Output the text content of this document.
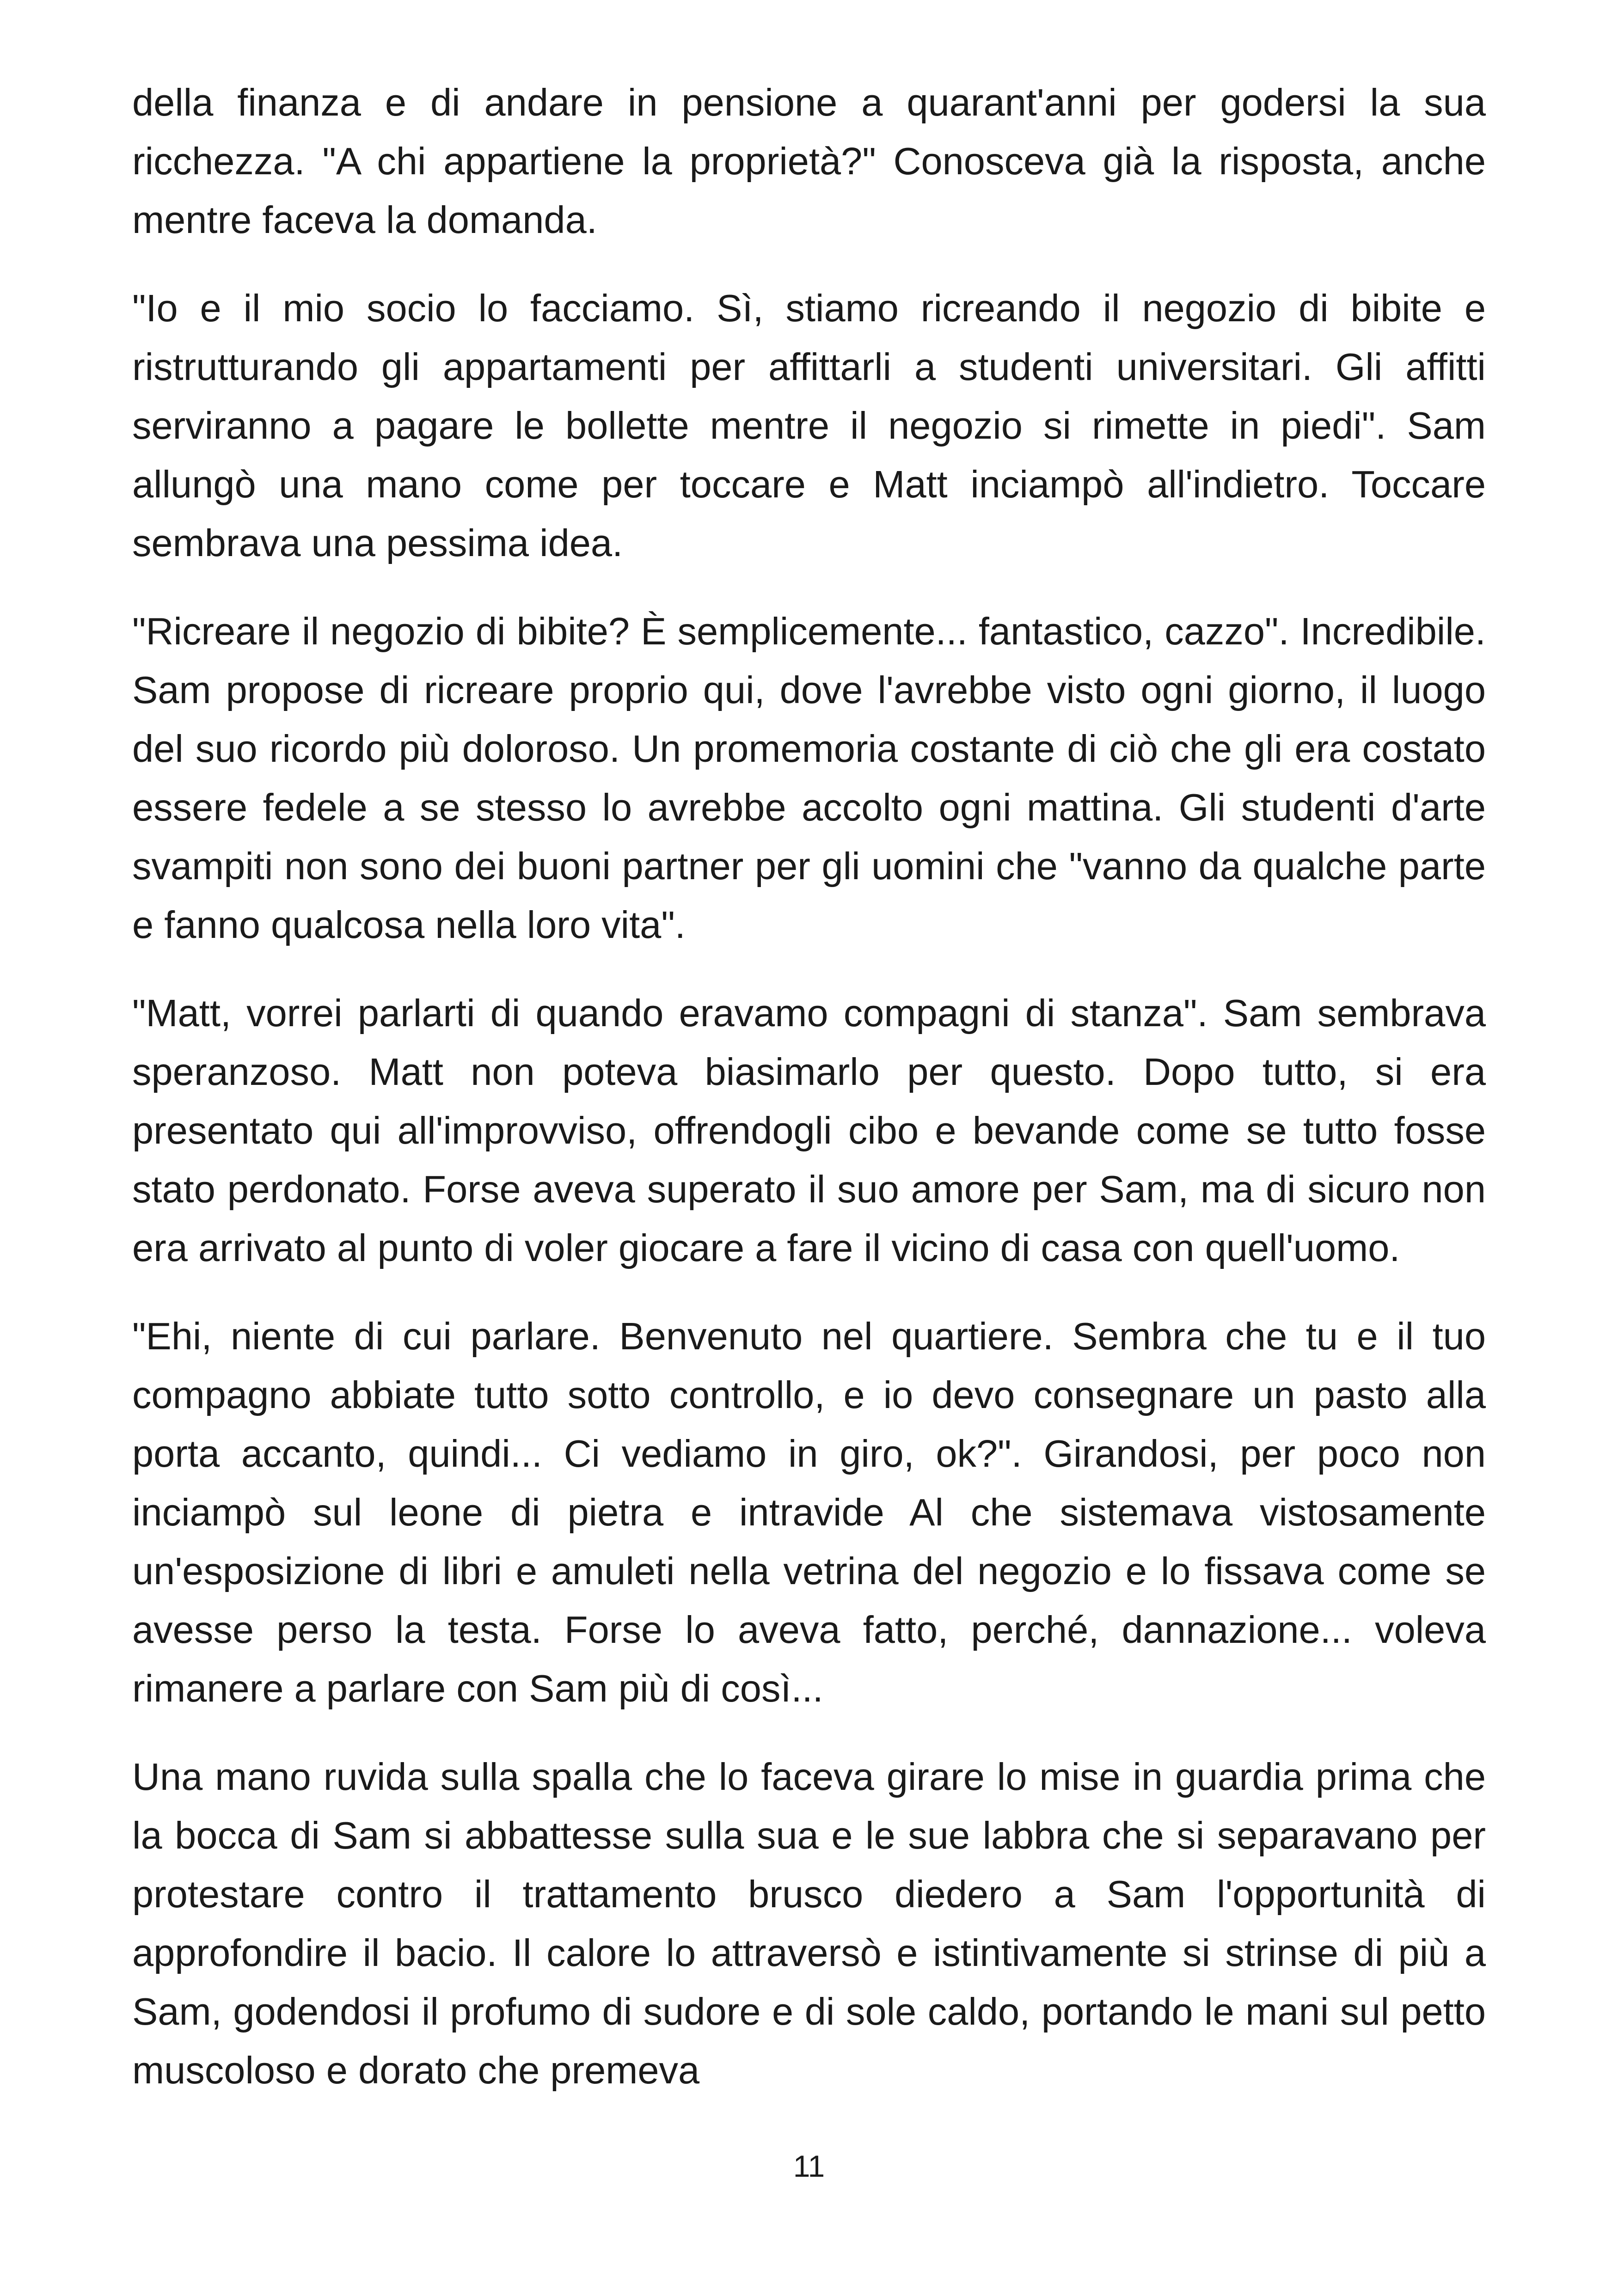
della finanza e di andare in pensione a quarant'anni per godersi la sua ricchezza. "A chi appartiene la proprietà?" Conosceva già la risposta, anche mentre faceva la domanda.

"Io e il mio socio lo facciamo. Sì, stiamo ricreando il negozio di bibite e ristrutturando gli appartamenti per affittarli a studenti universitari. Gli affitti serviranno a pagare le bollette mentre il negozio si rimette in piedi". Sam allungò una mano come per toccare e Matt inciampò all'indietro. Toccare sembrava una pessima idea.

"Ricreare il negozio di bibite? È semplicemente... fantastico, cazzo". Incredibile. Sam propose di ricreare proprio qui, dove l'avrebbe visto ogni giorno, il luogo del suo ricordo più doloroso. Un promemoria costante di ciò che gli era costato essere fedele a se stesso lo avrebbe accolto ogni mattina. Gli studenti d'arte svampiti non sono dei buoni partner per gli uomini che "vanno da qualche parte e fanno qualcosa nella loro vita".

"Matt, vorrei parlarti di quando eravamo compagni di stanza". Sam sembrava speranzoso. Matt non poteva biasimarlo per questo. Dopo tutto, si era presentato qui all'improvviso, offrendogli cibo e bevande come se tutto fosse stato perdonato. Forse aveva superato il suo amore per Sam, ma di sicuro non era arrivato al punto di voler giocare a fare il vicino di casa con quell'uomo.

"Ehi, niente di cui parlare. Benvenuto nel quartiere. Sembra che tu e il tuo compagno abbiate tutto sotto controllo, e io devo consegnare un pasto alla porta accanto, quindi... Ci vediamo in giro, ok?". Girandosi, per poco non inciampò sul leone di pietra e intravide Al che sistemava vistosamente un'esposizione di libri e amuleti nella vetrina del negozio e lo fissava come se avesse perso la testa. Forse lo aveva fatto, perché, dannazione... voleva rimanere a parlare con Sam più di così...

Una mano ruvida sulla spalla che lo faceva girare lo mise in guardia prima che la bocca di Sam si abbattesse sulla sua e le sue labbra che si separavano per protestare contro il trattamento brusco diedero a Sam l'opportunità di approfondire il bacio. Il calore lo attraversò e istintivamente si strinse di più a Sam, godendosi il profumo di sudore e di sole caldo, portando le mani sul petto muscoloso e dorato che premeva

11
